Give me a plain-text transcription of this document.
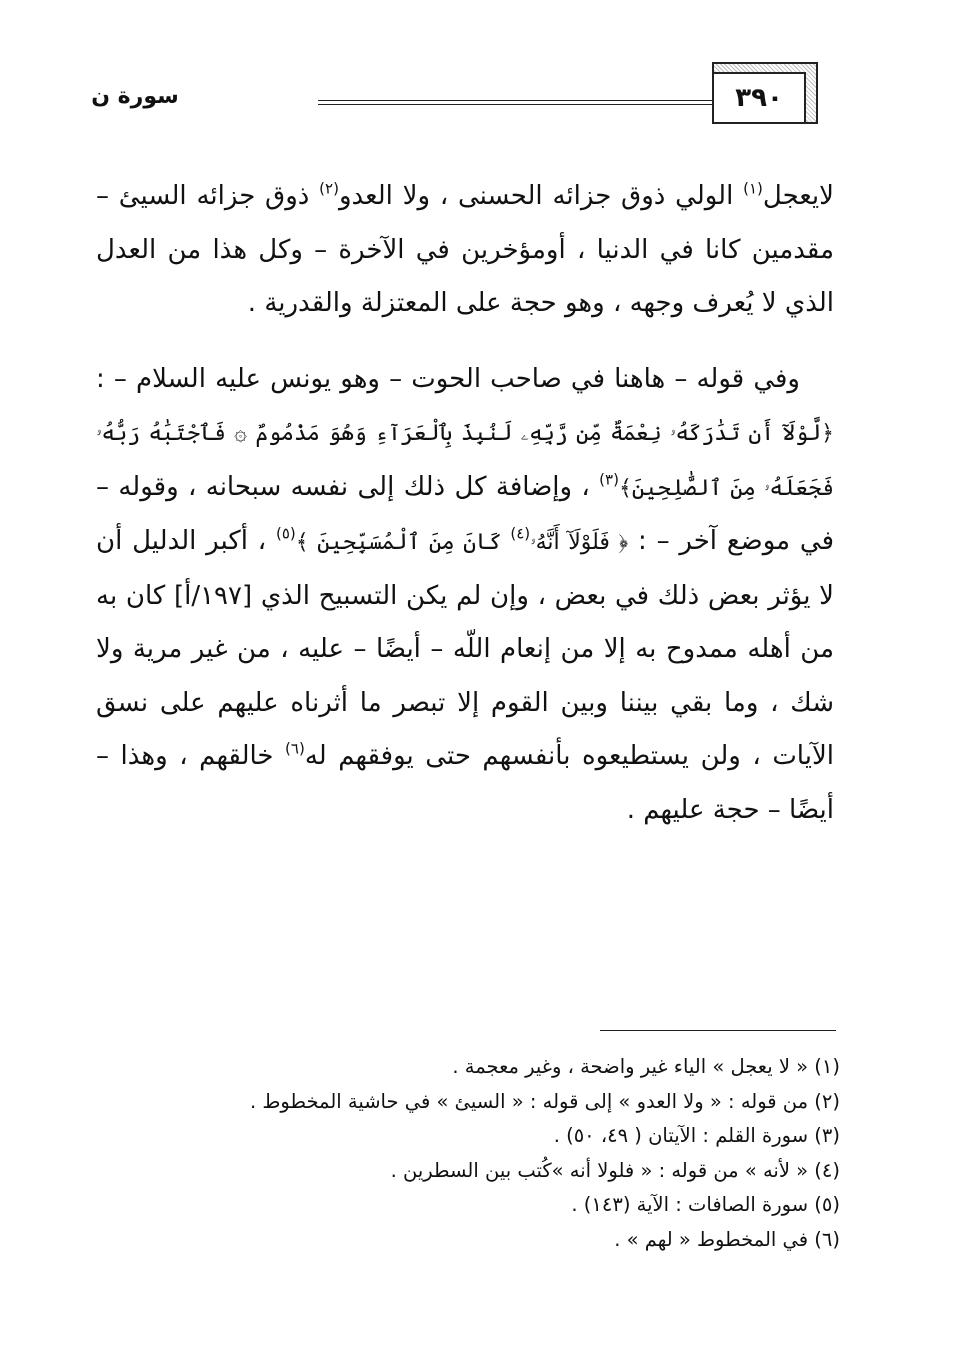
٣٩٠
سورة ن

لايعجل$^{(١)}$ الولي ذوق جزائه الحسنى ، ولا العدو$^{(٢)}$ ذوق جزائه السيئ – مقدمين كانا في الدنيا ، أومؤخرين في الآخرة – وكل هذا من العدل الذي لا يُعرف وجهه ، وهو حجة على المعتزلة والقدرية .

وفي قوله – هاهنا في صاحب الحوت – وهو يونس عليه السلام – : ﴿لَّوْلَآ أَن تَدَٰرَكَهُۥ نِعْمَةٌ مِّن رَّبِّهِۦ لَنُبِذَ بِٱلْعَرَآءِ وَهُوَ مَذْمُومٌ ۞ فَٱجْتَبَٰهُ رَبُّهُۥ فَجَعَلَهُۥ مِنَ ٱلصَّٰلِحِينَ﴾$^{(٣)}$ ، وإضافة كل ذلك إلى نفسه سبحانه ، وقوله – في موضع آخر – : ﴿ فَلَوْلَآ أَنَّهُۥ$^{(٤)}$ كَانَ مِنَ ٱلْمُسَبِّحِينَ ﴾$^{(٥)}$ ، أكبر الدليل أن لا يؤثر بعض ذلك في بعض ، وإن لم يكن التسبيح الذي [١٩٧/أ] كان به من أهله ممدوح به إلا من إنعام اللّه – أيضًا – عليه ، من غير مرية ولا شك ، وما بقي بيننا وبين القوم إلا تبصر ما أثرناه عليهم على نسق الآيات ، ولن يستطيعوه بأنفسهم حتى يوفقهم له$^{(٦)}$ خالقهم ، وهذا – أيضًا – حجة عليهم .

(١) « لا يعجل » الياء غير واضحة ، وغير معجمة .

(٢) من قوله : « ولا العدو » إلى قوله : « السيئ » في حاشية المخطوط .

(٣) سورة القلم : الآيتان ( ٤٩، ٥٠) .

(٤) « لأنه » من قوله : « فلولا أنه »كُتب بين السطرين .

(٥) سورة الصافات : الآية (١٤٣) .

(٦) في المخطوط « لهم » .
